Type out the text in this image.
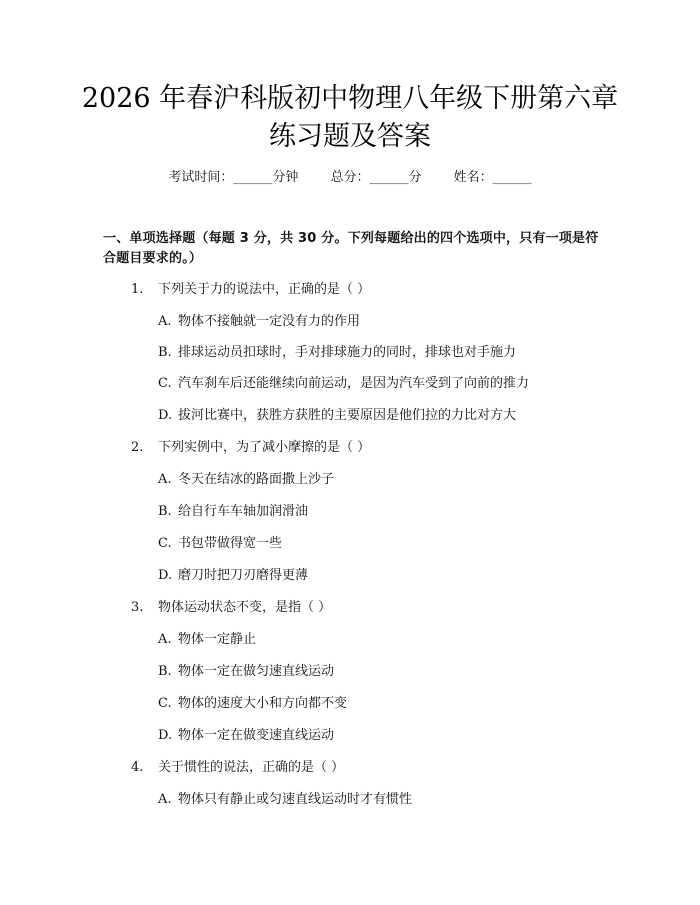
2026 年春沪科版初中物理八年级下册第六章
练习题及答案
考试时间：______分钟 总分：______分 姓名：______
一、单项选择题（每题 3 分，共 30 分。下列每题给出的四个选项中，只有一项是符合题目要求的。）
1. 下列关于力的说法中，正确的是（ ）
A. 物体不接触就一定没有力的作用
B. 排球运动员扣球时，手对排球施力的同时，排球也对手施力
C. 汽车刹车后还能继续向前运动，是因为汽车受到了向前的推力
D. 拔河比赛中，获胜方获胜的主要原因是他们拉的力比对方大
2. 下列实例中，为了减小摩擦的是（ ）
A. 冬天在结冰的路面撒上沙子
B. 给自行车车轴加润滑油
C. 书包带做得宽一些
D. 磨刀时把刀刃磨得更薄
3. 物体运动状态不变，是指（ ）
A. 物体一定静止
B. 物体一定在做匀速直线运动
C. 物体的速度大小和方向都不变
D. 物体一定在做变速直线运动
4. 关于惯性的说法，正确的是（ ）
A. 物体只有静止或匀速直线运动时才有惯性
